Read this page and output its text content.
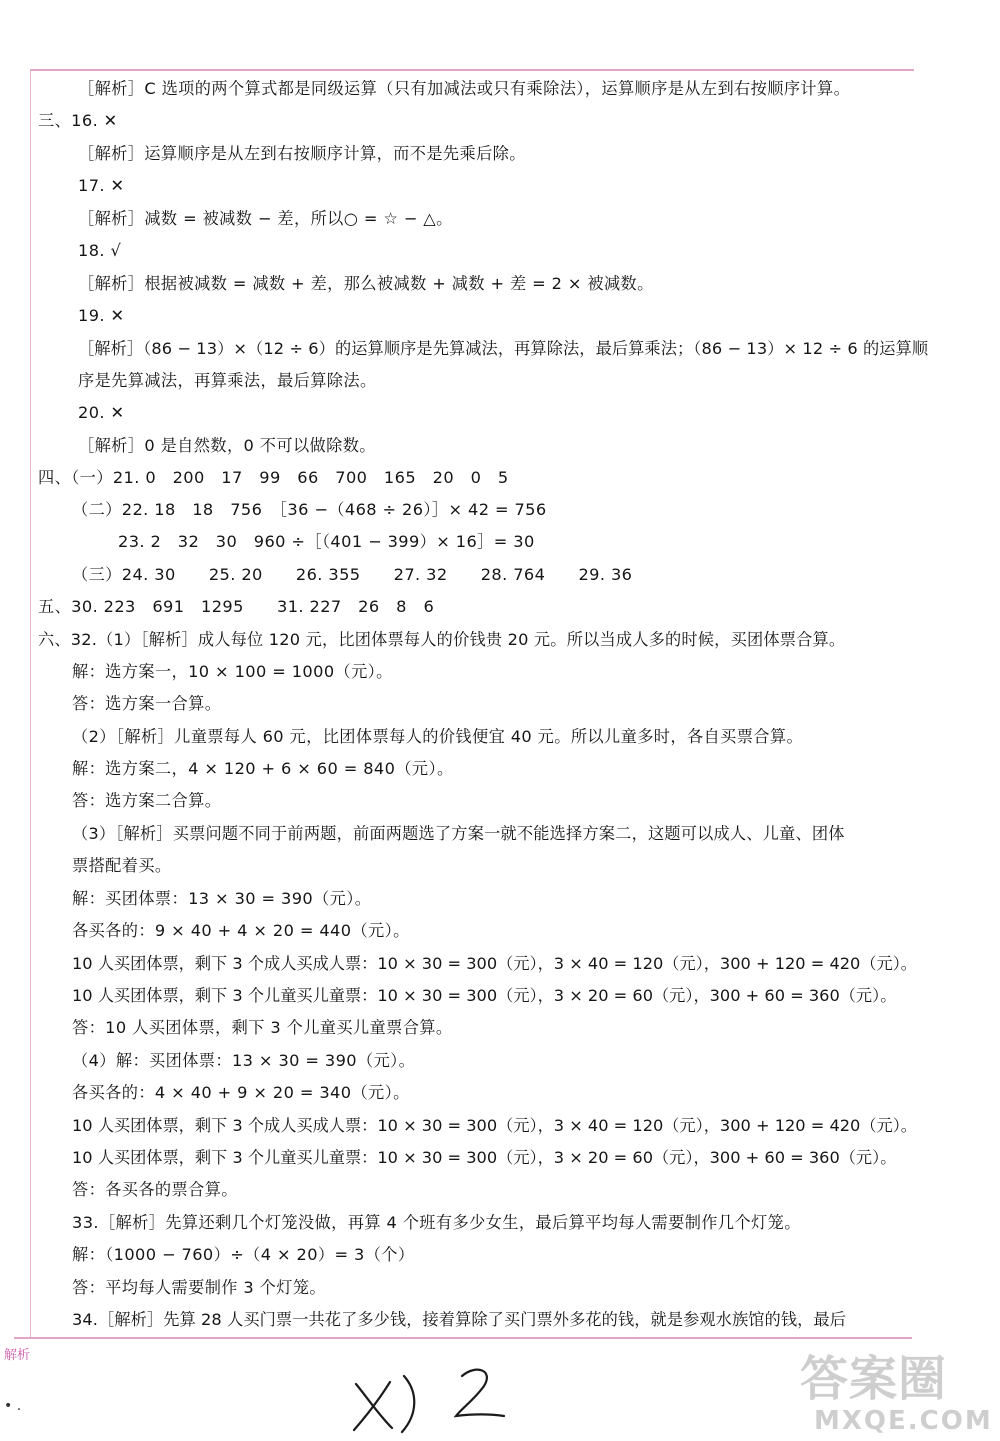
［解析］C 选项的两个算式都是同级运算（只有加减法或只有乘除法），运算顺序是从左到右按顺序计算。
三、16. ✕
［解析］运算顺序是从左到右按顺序计算，而不是先乘后除。
17. ✕
［解析］减数 = 被减数 − 差，所以○ = ☆ − △。
18. √
［解析］根据被减数 = 减数 + 差，那么被减数 + 减数 + 差 = 2 × 被减数。
19. ✕
［解析］（86 − 13）×（12 ÷ 6）的运算顺序是先算减法，再算除法，最后算乘法；（86 − 13）× 12 ÷ 6 的运算顺
序是先算减法，再算乘法，最后算除法。
20. ✕
［解析］0 是自然数，0 不可以做除数。
四、（一）21. 0　200　17　99　66　700　165　20　0　5
（二）22. 18　18　756　［36 −（468 ÷ 26）］× 42 = 756
23. 2　32　30　960 ÷［（401 − 399）× 16］= 30
（三）24. 30　　25. 20　　26. 355　　27. 32　　28. 764　　29. 36
五、30. 223　691　1295　　31. 227　26　8　6
六、32.（1）［解析］成人每位 120 元，比团体票每人的价钱贵 20 元。所以当成人多的时候，买团体票合算。
解：选方案一，10 × 100 = 1000（元）。
答：选方案一合算。
（2）［解析］儿童票每人 60 元，比团体票每人的价钱便宜 40 元。所以儿童多时，各自买票合算。
解：选方案二，4 × 120 + 6 × 60 = 840（元）。
答：选方案二合算。
（3）［解析］买票问题不同于前两题，前面两题选了方案一就不能选择方案二，这题可以成人、儿童、团体
票搭配着买。
解：买团体票：13 × 30 = 390（元）。
各买各的：9 × 40 + 4 × 20 = 440（元）。
10 人买团体票，剩下 3 个成人买成人票：10 × 30 = 300（元），3 × 40 = 120（元），300 + 120 = 420（元）。
10 人买团体票，剩下 3 个儿童买儿童票：10 × 30 = 300（元），3 × 20 = 60（元），300 + 60 = 360（元）。
答：10 人买团体票，剩下 3 个儿童买儿童票合算。
（4）解：买团体票：13 × 30 = 390（元）。
各买各的：4 × 40 + 9 × 20 = 340（元）。
10 人买团体票，剩下 3 个成人买成人票：10 × 30 = 300（元），3 × 40 = 120（元），300 + 120 = 420（元）。
10 人买团体票，剩下 3 个儿童买儿童票：10 × 30 = 300（元），3 × 20 = 60（元），300 + 60 = 360（元）。
答：各买各的票合算。
33.［解析］先算还剩几个灯笼没做，再算 4 个班有多少女生，最后算平均每人需要制作几个灯笼。
解：（1000 − 760）÷（4 × 20）= 3（个）
答：平均每人需要制作 3 个灯笼。
34.［解析］先算 28 人买门票一共花了多少钱，接着算除了买门票外多花的钱，就是参观水族馆的钱，最后
解析
• .	答案圈
MXQE.COM
